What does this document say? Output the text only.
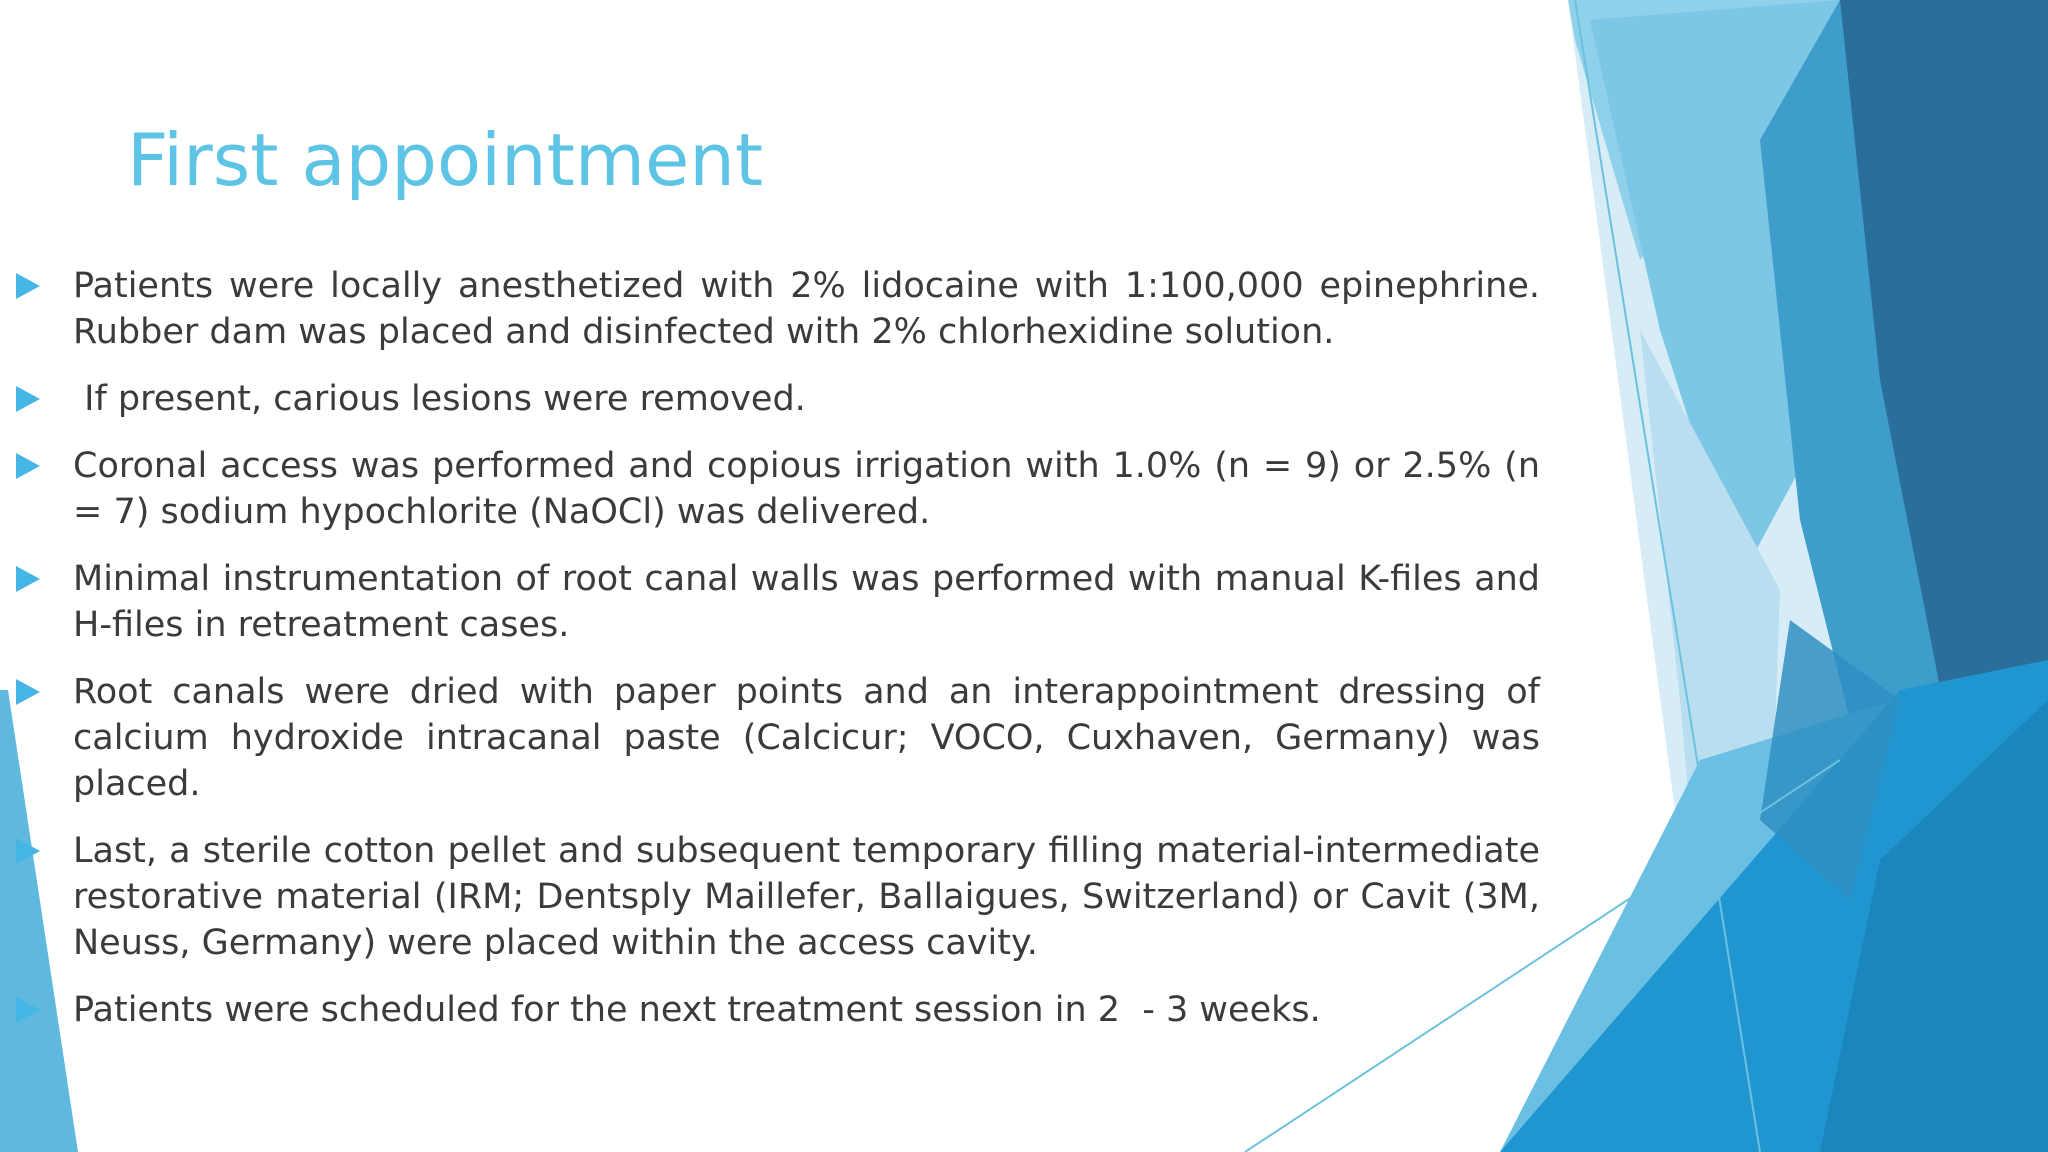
First appointment
Patients were locally anesthetized with 2% lidocaine with 1:100,000 epinephrine. Rubber dam was placed and disinfected with 2% chlorhexidine solution.
If present, carious lesions were removed.
Coronal access was performed and copious irrigation with 1.0% (n = 9) or 2.5% (n = 7) sodium hypochlorite (NaOCl) was delivered.
Minimal instrumentation of root canal walls was performed with manual K-files and H-files in retreatment cases.
Root canals were dried with paper points and an interappointment dressing of calcium hydroxide intracanal paste (Calcicur; VOCO, Cuxhaven, Germany) was placed.
Last, a sterile cotton pellet and subsequent temporary filling material-intermediate restorative material (IRM; Dentsply Maillefer, Ballaigues, Switzerland) or Cavit (3M, Neuss, Germany) were placed within the access cavity.
Patients were scheduled for the next treatment session in 2  - 3 weeks.
